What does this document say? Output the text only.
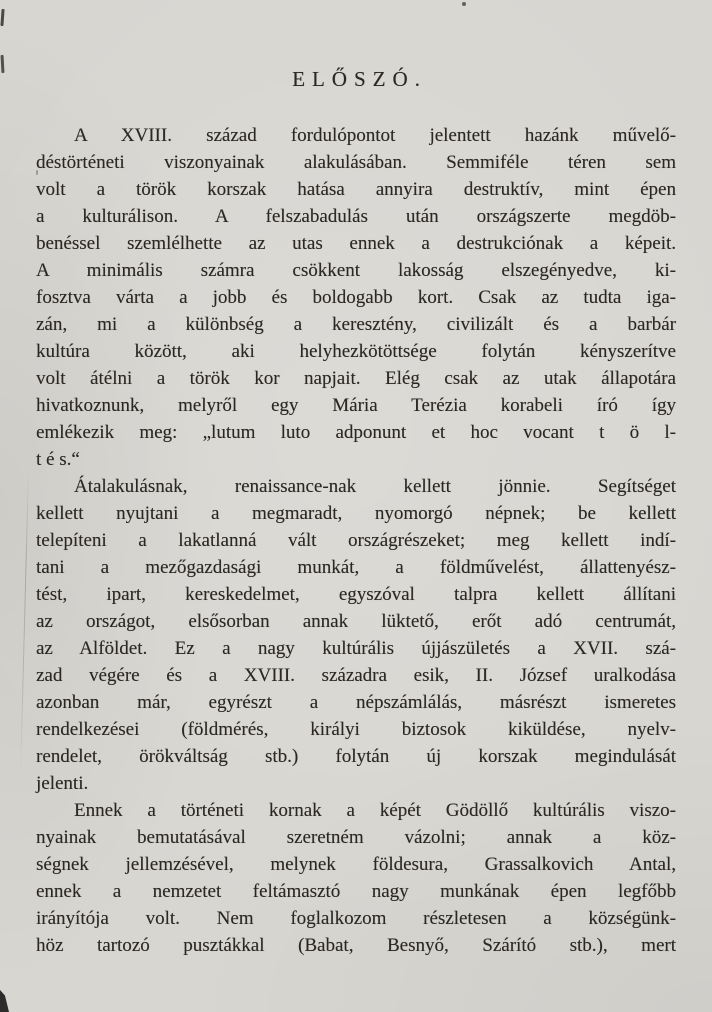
ELŐSZÓ.
A XVIII. század fordulópontot jelentett hazánk művelő-
déstörténeti viszonyainak alakulásában. Semmiféle téren sem
volt a török korszak hatása annyira destruktív, mint épen
a kulturálison. A felszabadulás után országszerte megdöb-
benéssel szemlélhette az utas ennek a destrukciónak a képeit.
A minimális számra csökkent lakosság elszegényedve, ki-
fosztva várta a jobb és boldogabb kort. Csak az tudta iga-
zán, mi a különbség a keresztény, civilizált és a barbár
kultúra között, aki helyhezkötöttsége folytán kényszerítve
volt átélni a török kor napjait. Elég csak az utak állapotára
hivatkoznunk, melyről egy Mária Terézia korabeli író így
emlékezik meg: „lutum luto adponunt et hoc vocant t ö l-
t é s.“
Átalakulásnak, renaissance-nak kellett jönnie. Segítséget
kellett nyujtani a megmaradt, nyomorgó népnek; be kellett
telepíteni a lakatlanná vált országrészeket; meg kellett indí-
tani a mezőgazdasági munkát, a földművelést, állattenyész-
tést, ipart, kereskedelmet, egyszóval talpra kellett állítani
az országot, elsősorban annak lüktető, erőt adó centrumát,
az Alföldet. Ez a nagy kultúrális újjászületés a XVII. szá-
zad végére és a XVIII. századra esik, II. József uralkodása
azonban már, egyrészt a népszámlálás, másrészt ismeretes
rendelkezései (földmérés, királyi biztosok kiküldése, nyelv-
rendelet, örökváltság stb.) folytán új korszak megindulását
jelenti.
Ennek a történeti kornak a képét Gödöllő kultúrális viszo-
nyainak bemutatásával szeretném vázolni; annak a köz-
ségnek jellemzésével, melynek földesura, Grassalkovich Antal,
ennek a nemzetet feltámasztó nagy munkának épen legfőbb
irányítója volt. Nem foglalkozom részletesen a községünk-
höz tartozó pusztákkal (Babat, Besnyő, Szárító stb.), mert
